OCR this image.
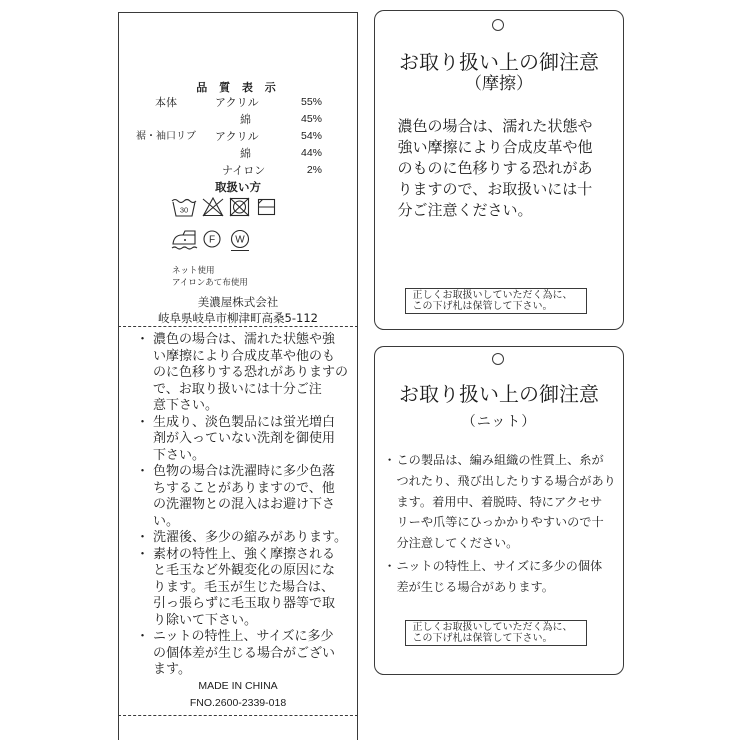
品 質 表 示
本体	アクリル	55%
綿	45%
裾・袖口リブ アクリル	54%
綿	44%
ナイロン	2%
取扱い方
30
F W
ネット使用
アイロンあて布使用
美濃屋株式会社
岐阜県岐阜市柳津町高桑5-112
・ 濃色の場合は、濡れた状態や強
い摩擦により合成皮革や他のも
のに色移りする恐れがありますの
で、お取り扱いには十分ご注
意下さい。
・ 生成り、淡色製品には蛍光増白
剤が入っていない洗剤を御使用
下さい。
・ 色物の場合は洗濯時に多少色落
ちすることがありますので、他
の洗濯物との混入はお避け下さ
い。
・ 洗濯後、多少の縮みがあります。
・ 素材の特性上、強く摩擦される
と毛玉など外観変化の原因にな
ります。毛玉が生じた場合は、
引っ張らずに毛玉取り器等で取
り除いて下さい。
・ ニットの特性上、サイズに多少
の個体差が生じる場合がござい
ます。
MADE IN CHINA
FNO.2600-2339-018
お取り扱い上の御注意
（摩擦）
濃色の場合は、濡れた状態や
強い摩擦により合成皮革や他
のものに色移りする恐れがあ
りますので、お取扱いには十
分ご注意ください。
正しくお取扱いしていただく為に、
この下げ札は保管して下さい。
お取り扱い上の御注意
（ニット）
・ この製品は、編み組織の性質上、糸が
つれたり、飛び出したりする場合があり
ます。着用中、着脱時、特にアクセサ
リーや爪等にひっかかりやすいので十
分注意してください。
・ ニットの特性上、サイズに多少の個体
差が生じる場合があります。
正しくお取扱いしていただく為に、
この下げ札は保管して下さい。
